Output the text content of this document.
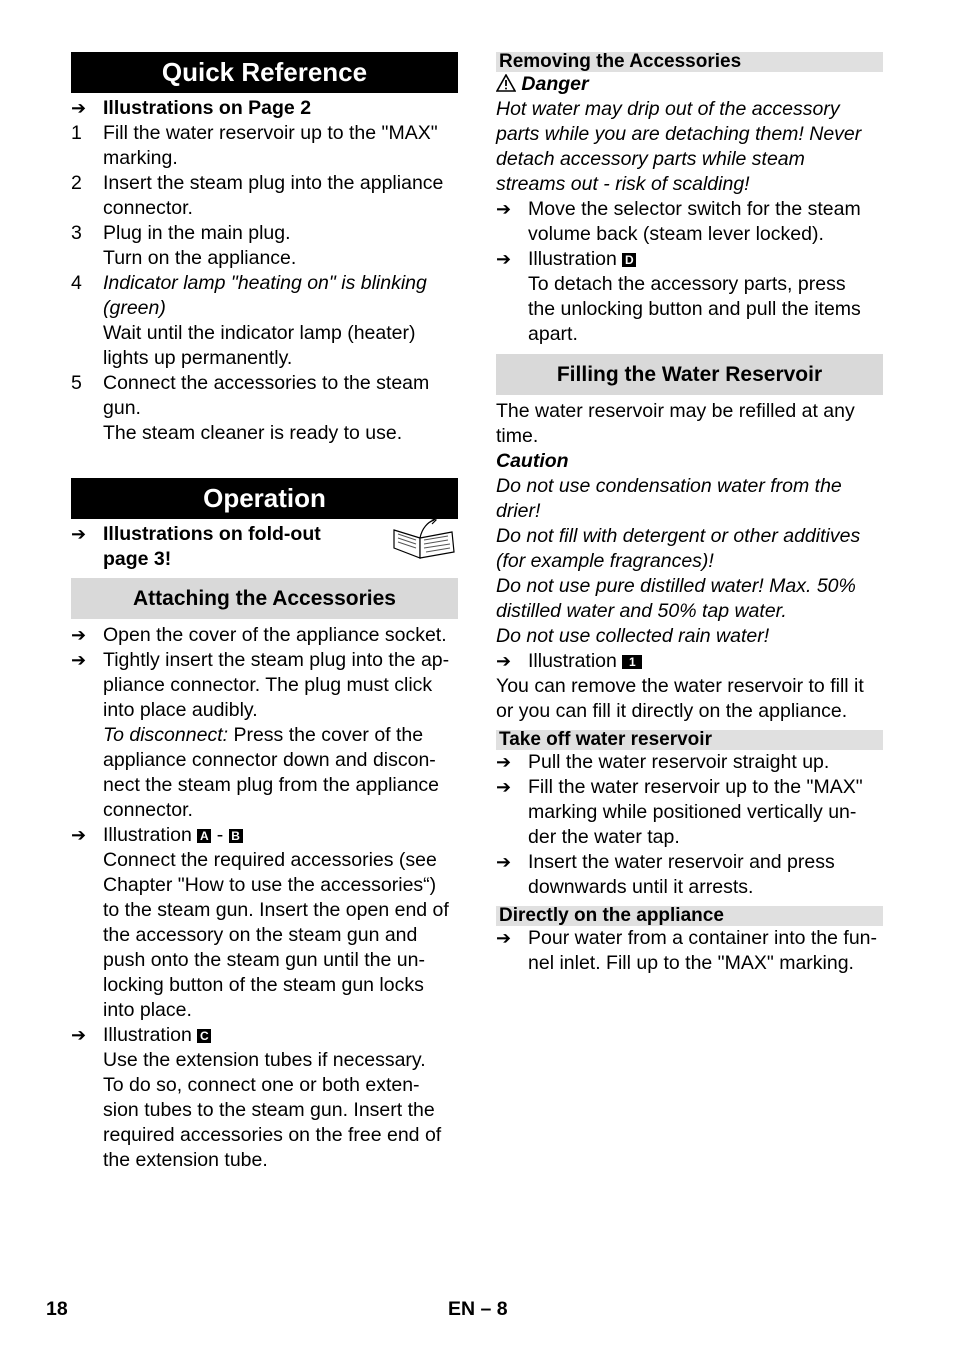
Quick Reference
➔ Illustrations on Page 2
1	Fill the water reservoir up to the "MAX"
marking.
2	Insert the steam plug into the appliance
connector.
3	Plug in the main plug.
Turn on the appliance.
4	Indicator lamp "heating on" is blinking
(green)
Wait until the indicator lamp (heater)
lights up permanently.
5	Connect the accessories to the steam
gun.
The steam cleaner is ready to use.
Operation
➔ Illustrations on fold-out
page 3!
Attaching the Accessories
➔ Open the cover of the appliance socket.
➔ Tightly insert the steam plug into the ap-
pliance connector. The plug must click
into place audibly.
To disconnect: Press the cover of the
appliance connector down and discon-
nect the steam plug from the appliance
connector.
➔ Illustration A - B
Connect the required accessories (see
Chapter "How to use the accessories“)
to the steam gun. Insert the open end of
the accessory on the steam gun and
push onto the steam gun until the un-
locking button of the steam gun locks
into place.
➔ Illustration C
Use the extension tubes if necessary.
To do so, connect one or both exten-
sion tubes to the steam gun. Insert the
required accessories on the free end of
the extension tube.
Removing the Accessories
Danger
Hot water may drip out of the accessory
parts while you are detaching them! Never
detach accessory parts while steam
streams out - risk of scalding!
➔ Move the selector switch for the steam
volume back (steam lever locked).
➔ Illustration D
To detach the accessory parts, press
the unlocking button and pull the items
apart.
Filling the Water Reservoir
The water reservoir may be refilled at any
time.
Caution
Do not use condensation water from the
drier!
Do not fill with detergent or other additives
(for example fragrances)!
Do not use pure distilled water! Max. 50%
distilled water and 50% tap water.
Do not use collected rain water!
➔ Illustration 1
You can remove the water reservoir to fill it
or you can fill it directly on the appliance.
Take off water reservoir
➔ Pull the water reservoir straight up.
➔ Fill the water reservoir up to the "MAX"
marking while positioned vertically un-
der the water tap.
➔ Insert the water reservoir and press
downwards until it arrests.
Directly on the appliance
➔ Pour water from a container into the fun-
nel inlet. Fill up to the "MAX" marking.
18	EN – 8
